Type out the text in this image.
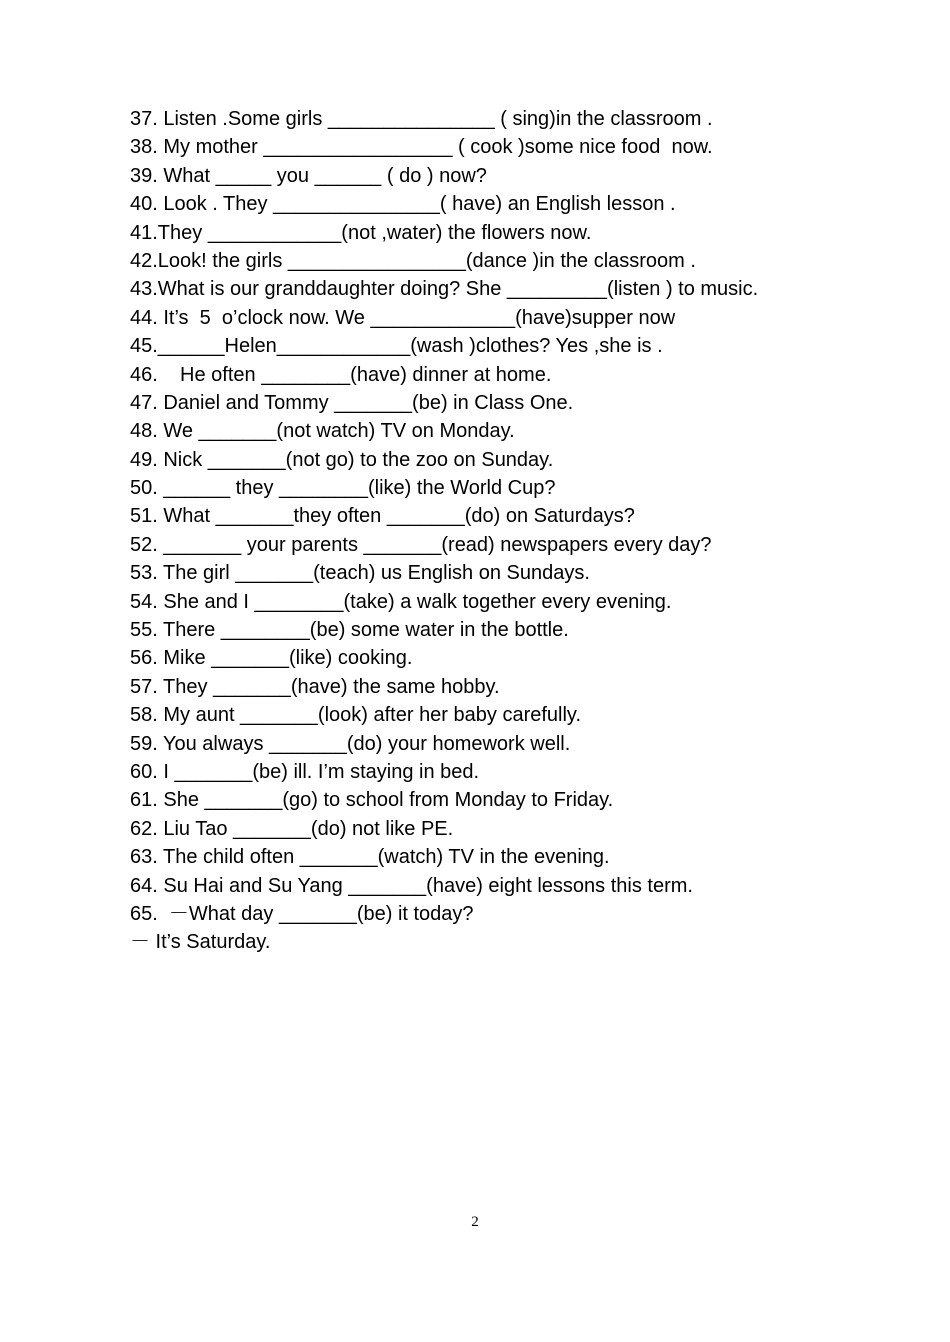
37. Listen .Some girls _______________ ( sing)in the classroom .
38. My mother _________________ ( cook )some nice food  now.
39. What _____ you ______ ( do ) now?
40. Look . They _______________( have) an English lesson .
41.They ____________(not ,water) the flowers now.
42.Look! the girls ________________(dance )in the classroom .
43.What is our granddaughter doing? She _________(listen ) to music.
44. It’s  5  o’clock now. We _____________(have)supper now
45.______Helen____________(wash )clothes? Yes ,she is .
46.    He often ________(have) dinner at home.
47. Daniel and Tommy _______(be) in Class One.
48. We _______(not watch) TV on Monday.
49. Nick _______(not go) to the zoo on Sunday.
50. ______ they ________(like) the World Cup?
51. What _______they often _______(do) on Saturdays?
52. _______ your parents _______(read) newspapers every day?
53. The girl _______(teach) us English on Sundays.
54. She and I ________(take) a walk together every evening.
55. There ________(be) some water in the bottle.
56. Mike _______(like) cooking.
57. They _______(have) the same hobby.
58. My aunt _______(look) after her baby carefully.
59. You always _______(do) your homework well.
60. I _______(be) ill. I’m staying in bed.
61. She _______(go) to school from Monday to Friday.
62. Liu Tao _______(do) not like PE.
63. The child often _______(watch) TV in the evening.
64. Su Hai and Su Yang _______(have) eight lessons this term.
65.  －What day _______(be) it today?
－ It’s Saturday.
2
